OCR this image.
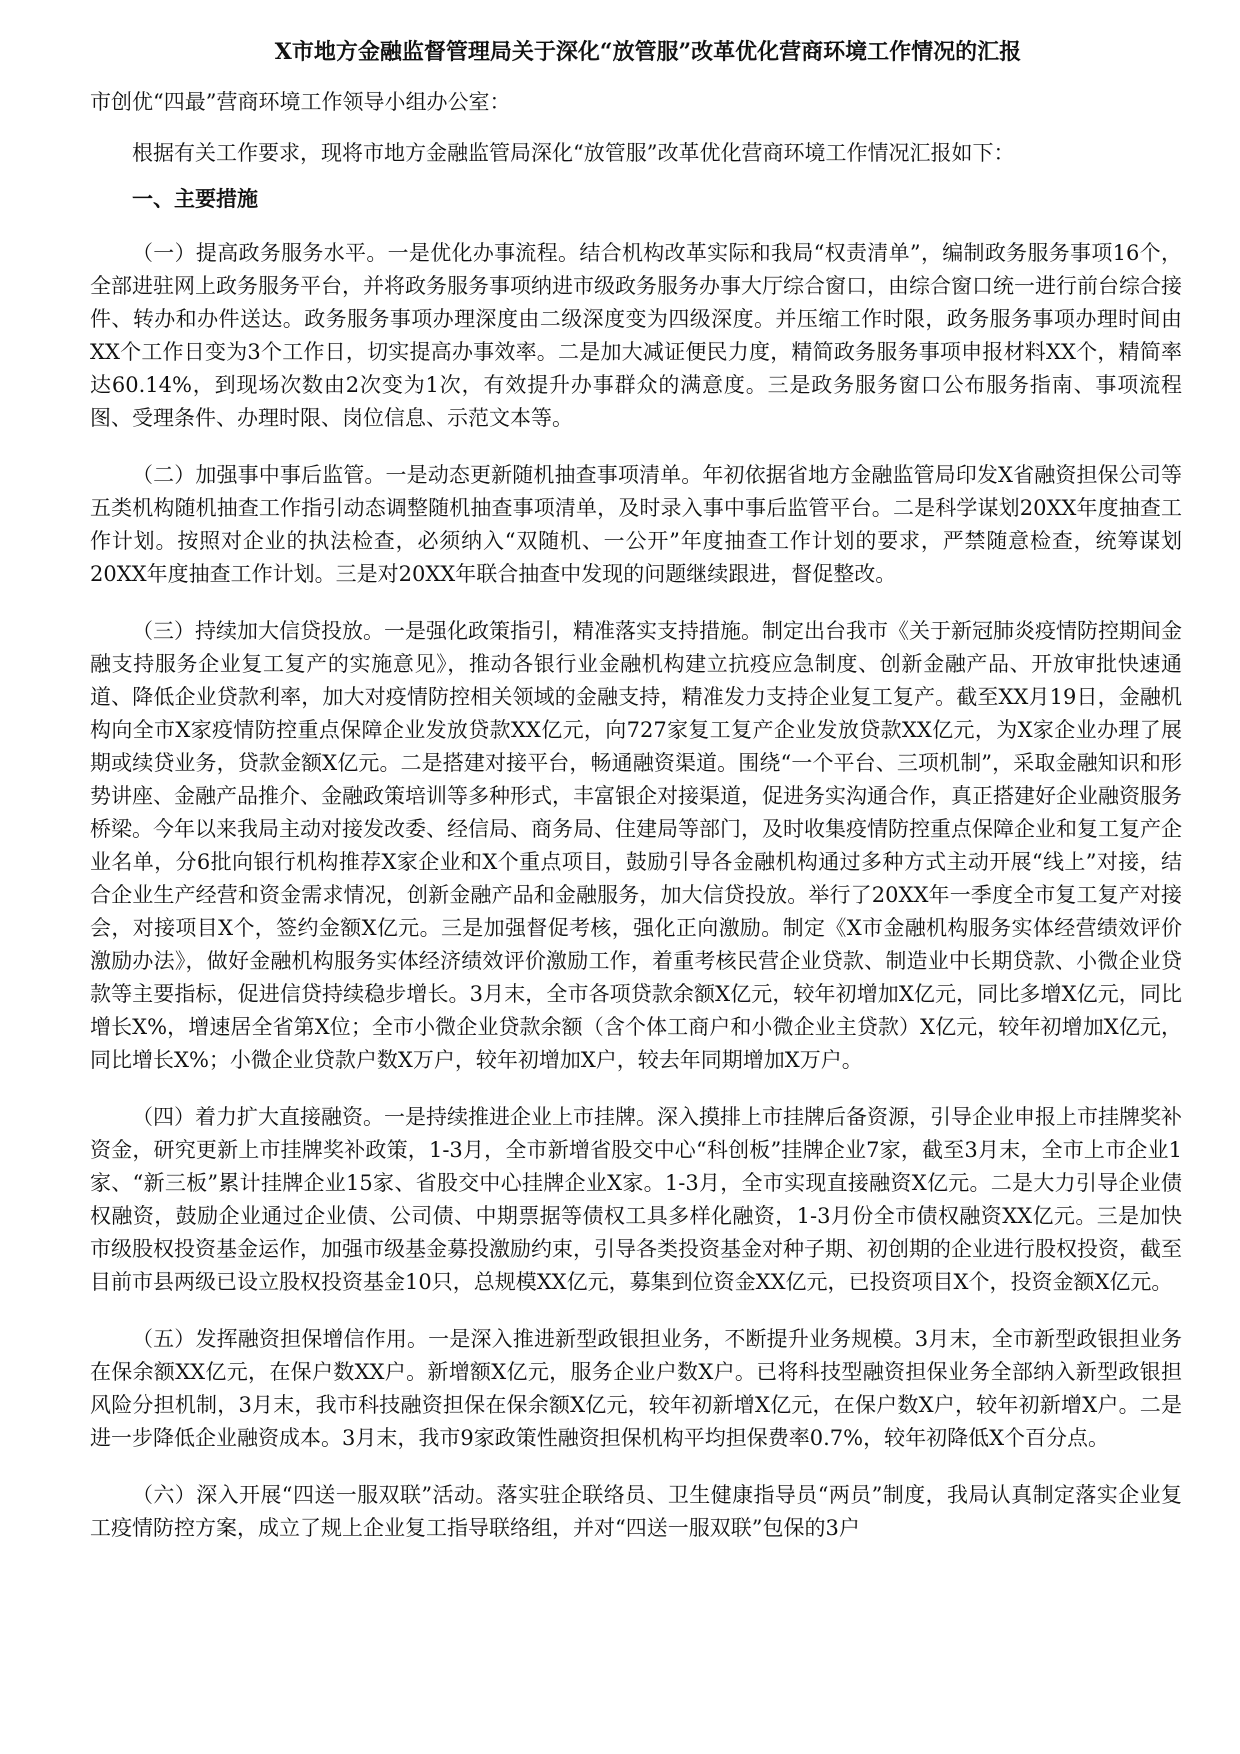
X市地方金融监督管理局关于深化“放管服”改革优化营商环境工作情况的汇报

市创优“四最”营商环境工作领导小组办公室：

根据有关工作要求，现将市地方金融监管局深化“放管服”改革优化营商环境工作情况汇报如下：

一、主要措施

（一）提高政务服务水平。一是优化办事流程。结合机构改革实际和我局“权责清单”，编制政务服务事项16个，全部进驻网上政务服务平台，并将政务服务事项纳进市级政务服务办事大厅综合窗口，由综合窗口统一进行前台综合接件、转办和办件送达。政务服务事项办理深度由二级深度变为四级深度。并压缩工作时限，政务服务事项办理时间由XX个工作日变为3个工作日，切实提高办事效率。二是加大减证便民力度，精简政务服务事项申报材料XX个，精简率达60.14%，到现场次数由2次变为1次，有效提升办事群众的满意度。三是政务服务窗口公布服务指南、事项流程图、受理条件、办理时限、岗位信息、示范文本等。

（二）加强事中事后监管。一是动态更新随机抽查事项清单。年初依据省地方金融监管局印发X省融资担保公司等五类机构随机抽查工作指引动态调整随机抽查事项清单，及时录入事中事后监管平台。二是科学谋划20XX年度抽查工作计划。按照对企业的执法检查，必须纳入“双随机、一公开”年度抽查工作计划的要求，严禁随意检查，统筹谋划20XX年度抽查工作计划。三是对20XX年联合抽查中发现的问题继续跟进，督促整改。

（三）持续加大信贷投放。一是强化政策指引，精准落实支持措施。制定出台我市《关于新冠肺炎疫情防控期间金融支持服务企业复工复产的实施意见》，推动各银行业金融机构建立抗疫应急制度、创新金融产品、开放审批快速通道、降低企业贷款利率，加大对疫情防控相关领域的金融支持，精准发力支持企业复工复产。截至XX月19日，金融机构向全市X家疫情防控重点保障企业发放贷款XX亿元，向727家复工复产企业发放贷款XX亿元，为X家企业办理了展期或续贷业务，贷款金额X亿元。二是搭建对接平台，畅通融资渠道。围绕“一个平台、三项机制”，采取金融知识和形势讲座、金融产品推介、金融政策培训等多种形式，丰富银企对接渠道，促进务实沟通合作，真正搭建好企业融资服务桥梁。今年以来我局主动对接发改委、经信局、商务局、住建局等部门，及时收集疫情防控重点保障企业和复工复产企业名单，分6批向银行机构推荐X家企业和X个重点项目，鼓励引导各金融机构通过多种方式主动开展“线上”对接，结合企业生产经营和资金需求情况，创新金融产品和金融服务，加大信贷投放。举行了20XX年一季度全市复工复产对接会，对接项目X个，签约金额X亿元。三是加强督促考核，强化正向激励。制定《X市金融机构服务实体经营绩效评价激励办法》，做好金融机构服务实体经济绩效评价激励工作，着重考核民营企业贷款、制造业中长期贷款、小微企业贷款等主要指标，促进信贷持续稳步增长。3月末，全市各项贷款余额X亿元，较年初增加X亿元，同比多增X亿元，同比增长X%，增速居全省第X位；全市小微企业贷款余额（含个体工商户和小微企业主贷款）X亿元，较年初增加X亿元，同比增长X%；小微企业贷款户数X万户，较年初增加X户，较去年同期增加X万户。

（四）着力扩大直接融资。一是持续推进企业上市挂牌。深入摸排上市挂牌后备资源，引导企业申报上市挂牌奖补资金，研究更新上市挂牌奖补政策，1-3月，全市新增省股交中心“科创板”挂牌企业7家，截至3月末，全市上市企业1家、“新三板”累计挂牌企业15家、省股交中心挂牌企业X家。1-3月，全市实现直接融资X亿元。二是大力引导企业债权融资，鼓励企业通过企业债、公司债、中期票据等债权工具多样化融资，1-3月份全市债权融资XX亿元。三是加快市级股权投资基金运作，加强市级基金募投激励约束，引导各类投资基金对种子期、初创期的企业进行股权投资，截至目前市县两级已设立股权投资基金10只，总规模XX亿元，募集到位资金XX亿元，已投资项目X个，投资金额X亿元。

（五）发挥融资担保增信作用。一是深入推进新型政银担业务，不断提升业务规模。3月末，全市新型政银担业务在保余额XX亿元，在保户数XX户。新增额X亿元，服务企业户数X户。已将科技型融资担保业务全部纳入新型政银担风险分担机制，3月末，我市科技融资担保在保余额X亿元，较年初新增X亿元，在保户数X户，较年初新增X户。二是进一步降低企业融资成本。3月末，我市9家政策性融资担保机构平均担保费率0.7%，较年初降低X个百分点。

（六）深入开展“四送一服双联”活动。落实驻企联络员、卫生健康指导员“两员”制度，我局认真制定落实企业复工疫情防控方案，成立了规上企业复工指导联络组，并对“四送一服双联”包保的3户
